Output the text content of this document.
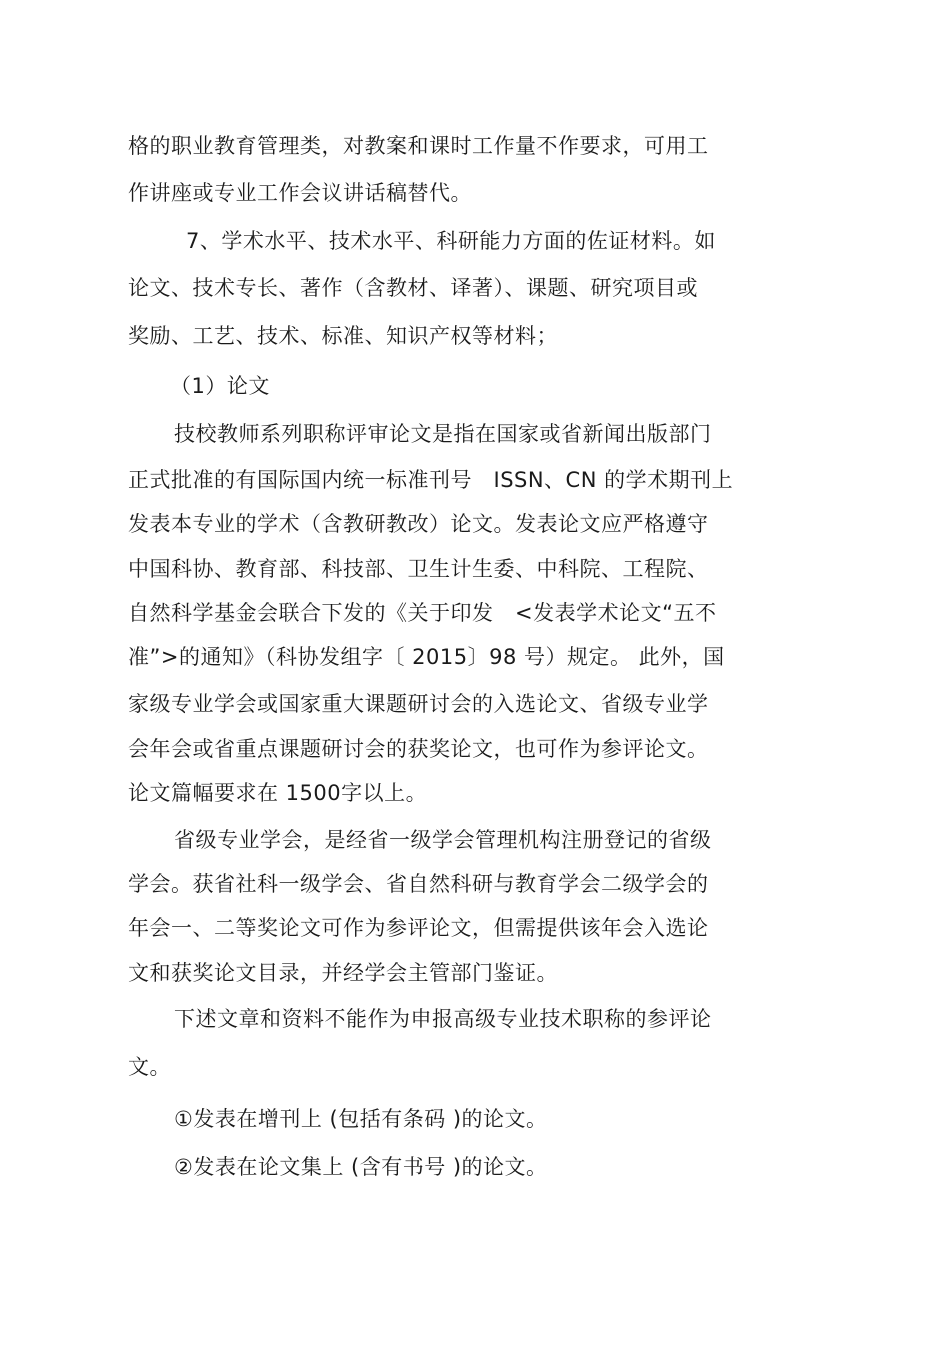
格的职业教育管理类，对教案和课时工作量不作要求，可用工
作讲座或专业工作会议讲话稿替代。
7、学术水平、技术水平、科研能力方面的佐证材料。如
论文、技术专长、著作（含教材、译著）、课题、研究项目或
奖励、工艺、技术、标准、知识产权等材料；
（1）论文
技校教师系列职称评审论文是指在国家或省新闻出版部门
正式批准的有国际国内统一标准刊号　ISSN、CN 的学术期刊上
发表本专业的学术（含教研教改）论文。发表论文应严格遵守
中国科协、教育部、科技部、卫生计生委、中科院、工程院、
自然科学基金会联合下发的《关于印发　<发表学术论文“五不
准”>的通知》（科协发组字〔 2015〕98 号）规定。 此外，国
家级专业学会或国家重大课题研讨会的入选论文、省级专业学
会年会或省重点课题研讨会的获奖论文，也可作为参评论文。
论文篇幅要求在 1500字以上。
省级专业学会，是经省一级学会管理机构注册登记的省级
学会。获省社科一级学会、省自然科研与教育学会二级学会的
年会一、二等奖论文可作为参评论文，但需提供该年会入选论
文和获奖论文目录，并经学会主管部门鉴证。
下述文章和资料不能作为申报高级专业技术职称的参评论
文。
①发表在增刊上 (包括有条码 )的论文。
②发表在论文集上 (含有书号 )的论文。
